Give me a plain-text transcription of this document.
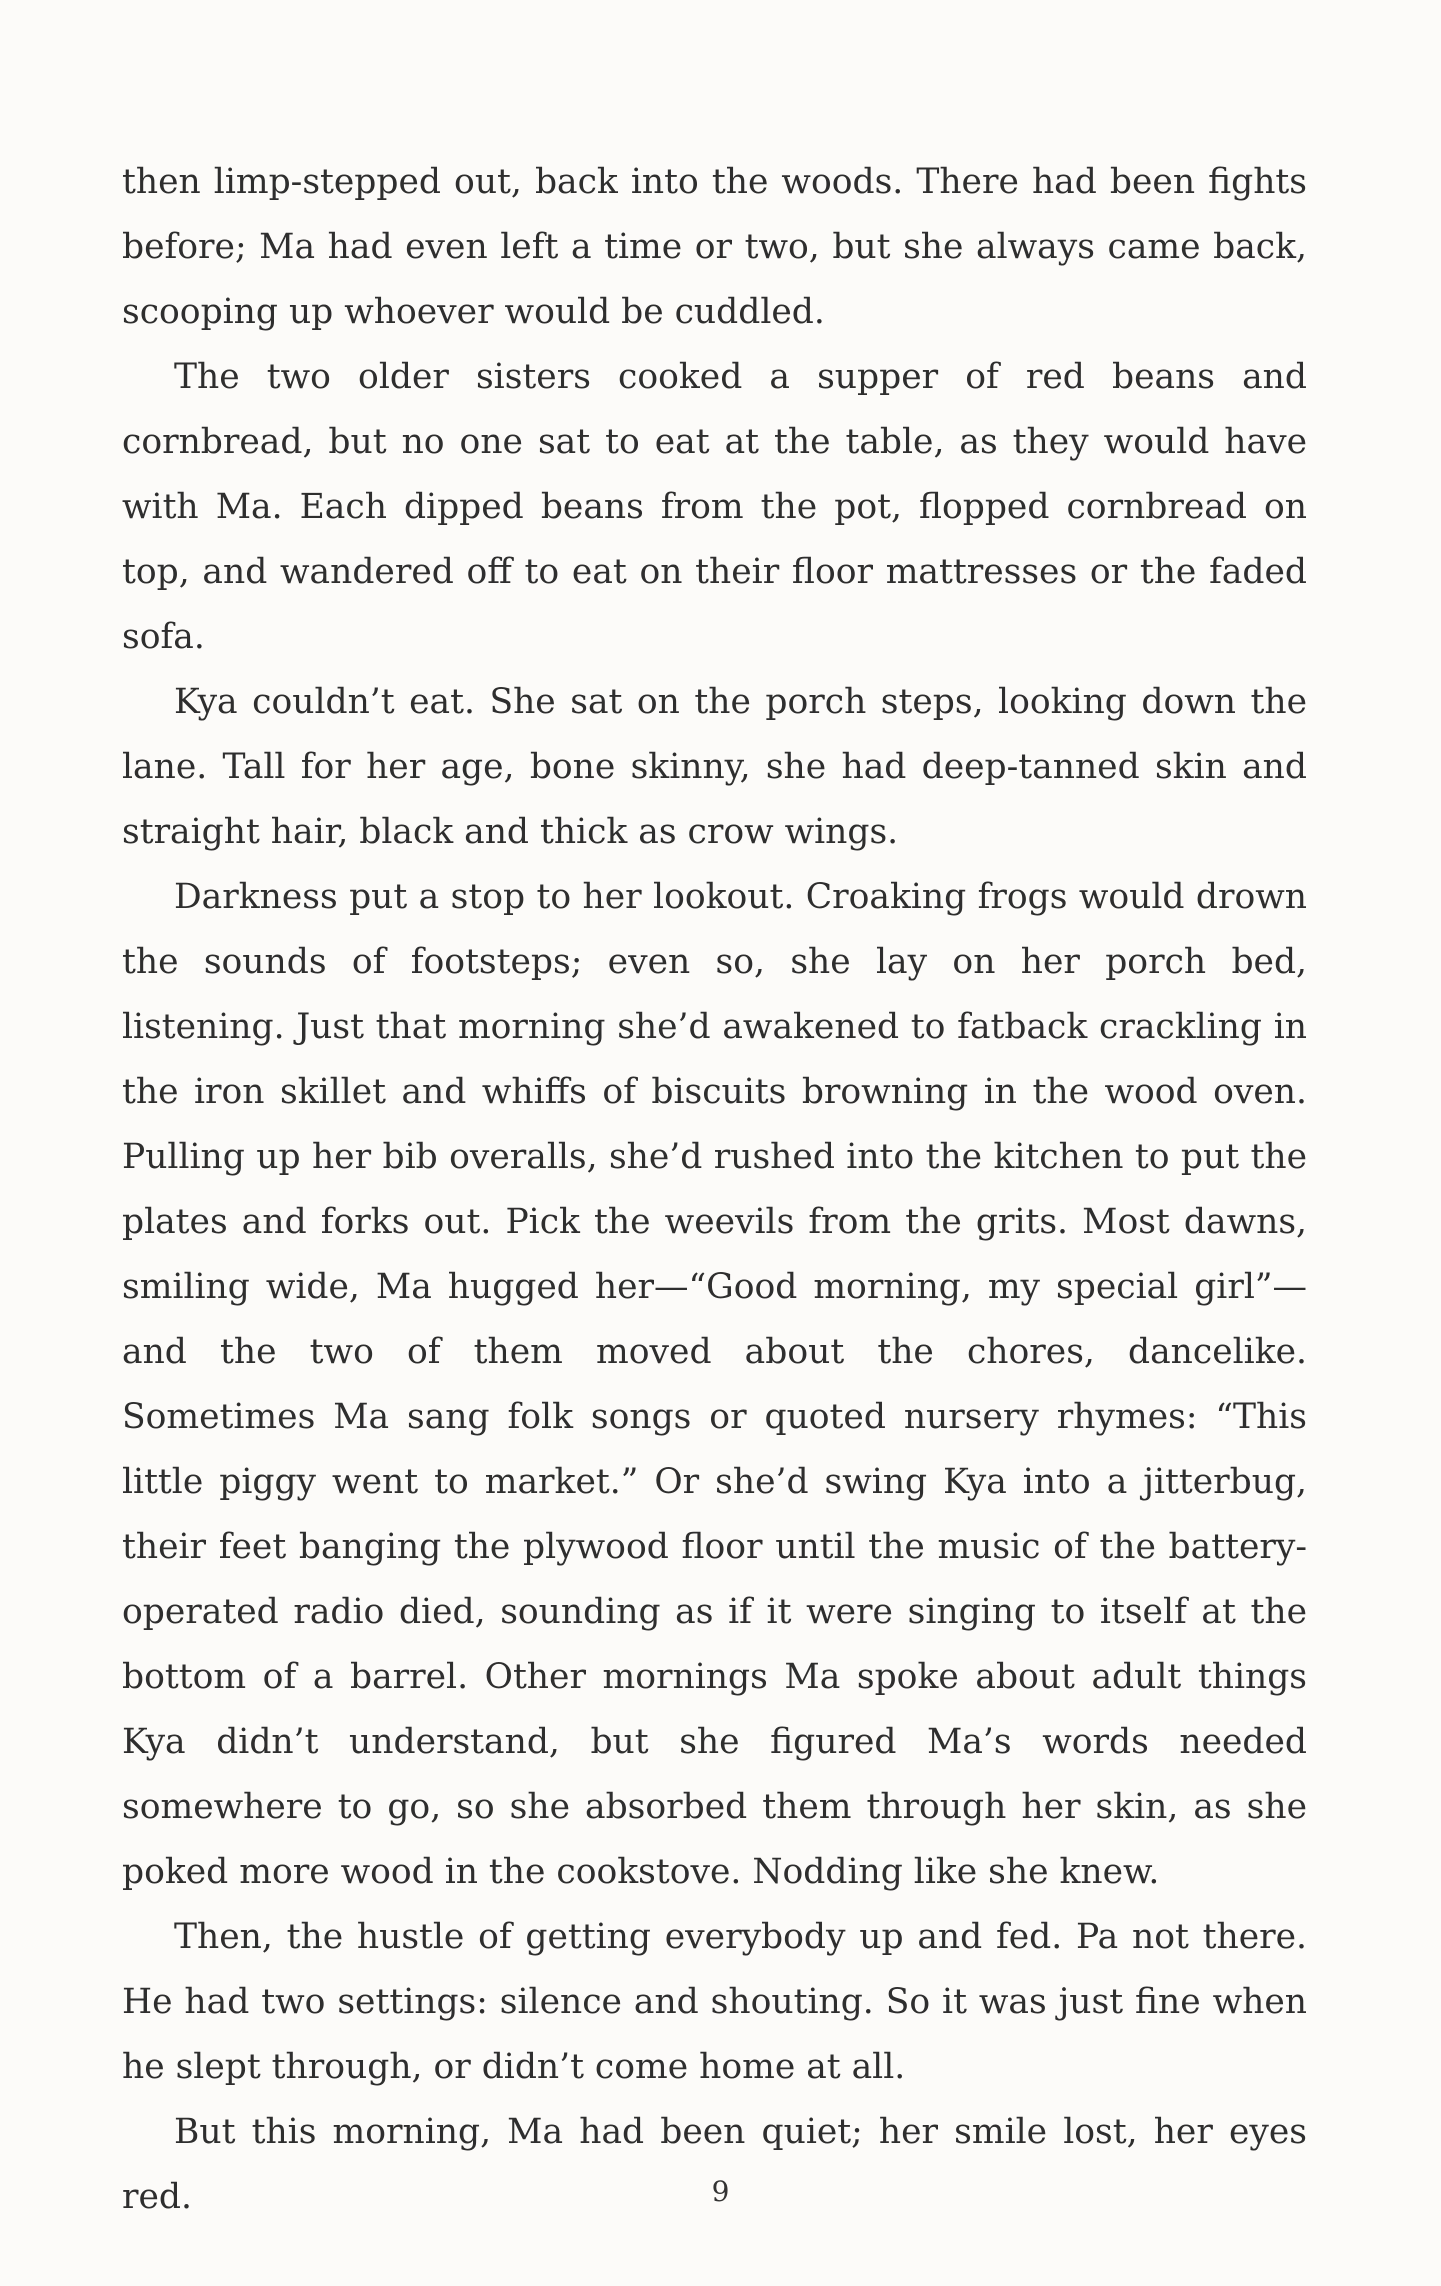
then limp-stepped out, back into the woods. There had been fights before; Ma had even left a time or two, but she always came back, scooping up whoever would be cuddled.

The two older sisters cooked a supper of red beans and cornbread, but no one sat to eat at the table, as they would have with Ma. Each dipped beans from the pot, flopped cornbread on top, and wandered off to eat on their floor mattresses or the faded sofa.

Kya couldn’t eat. She sat on the porch steps, looking down the lane. Tall for her age, bone skinny, she had deep-tanned skin and straight hair, black and thick as crow wings.

Darkness put a stop to her lookout. Croaking frogs would drown the sounds of footsteps; even so, she lay on her porch bed, listening. Just that morning she’d awakened to fatback crackling in the iron skillet and whiffs of biscuits browning in the wood oven. Pulling up her bib overalls, she’d rushed into the kitchen to put the plates and forks out. Pick the weevils from the grits. Most dawns, smiling wide, Ma hugged her—“Good morning, my special girl”—and the two of them moved about the chores, dancelike. Sometimes Ma sang folk songs or quoted nursery rhymes: “This little piggy went to market.” Or she’d swing Kya into a jitterbug, their feet banging the plywood floor until the music of the battery-operated radio died, sounding as if it were singing to itself at the bottom of a barrel. Other mornings Ma spoke about adult things Kya didn’t understand, but she figured Ma’s words needed somewhere to go, so she absorbed them through her skin, as she poked more wood in the cookstove. Nodding like she knew.

Then, the hustle of getting everybody up and fed. Pa not there. He had two settings: silence and shouting. So it was just fine when he slept through, or didn’t come home at all.

But this morning, Ma had been quiet; her smile lost, her eyes red.	9
